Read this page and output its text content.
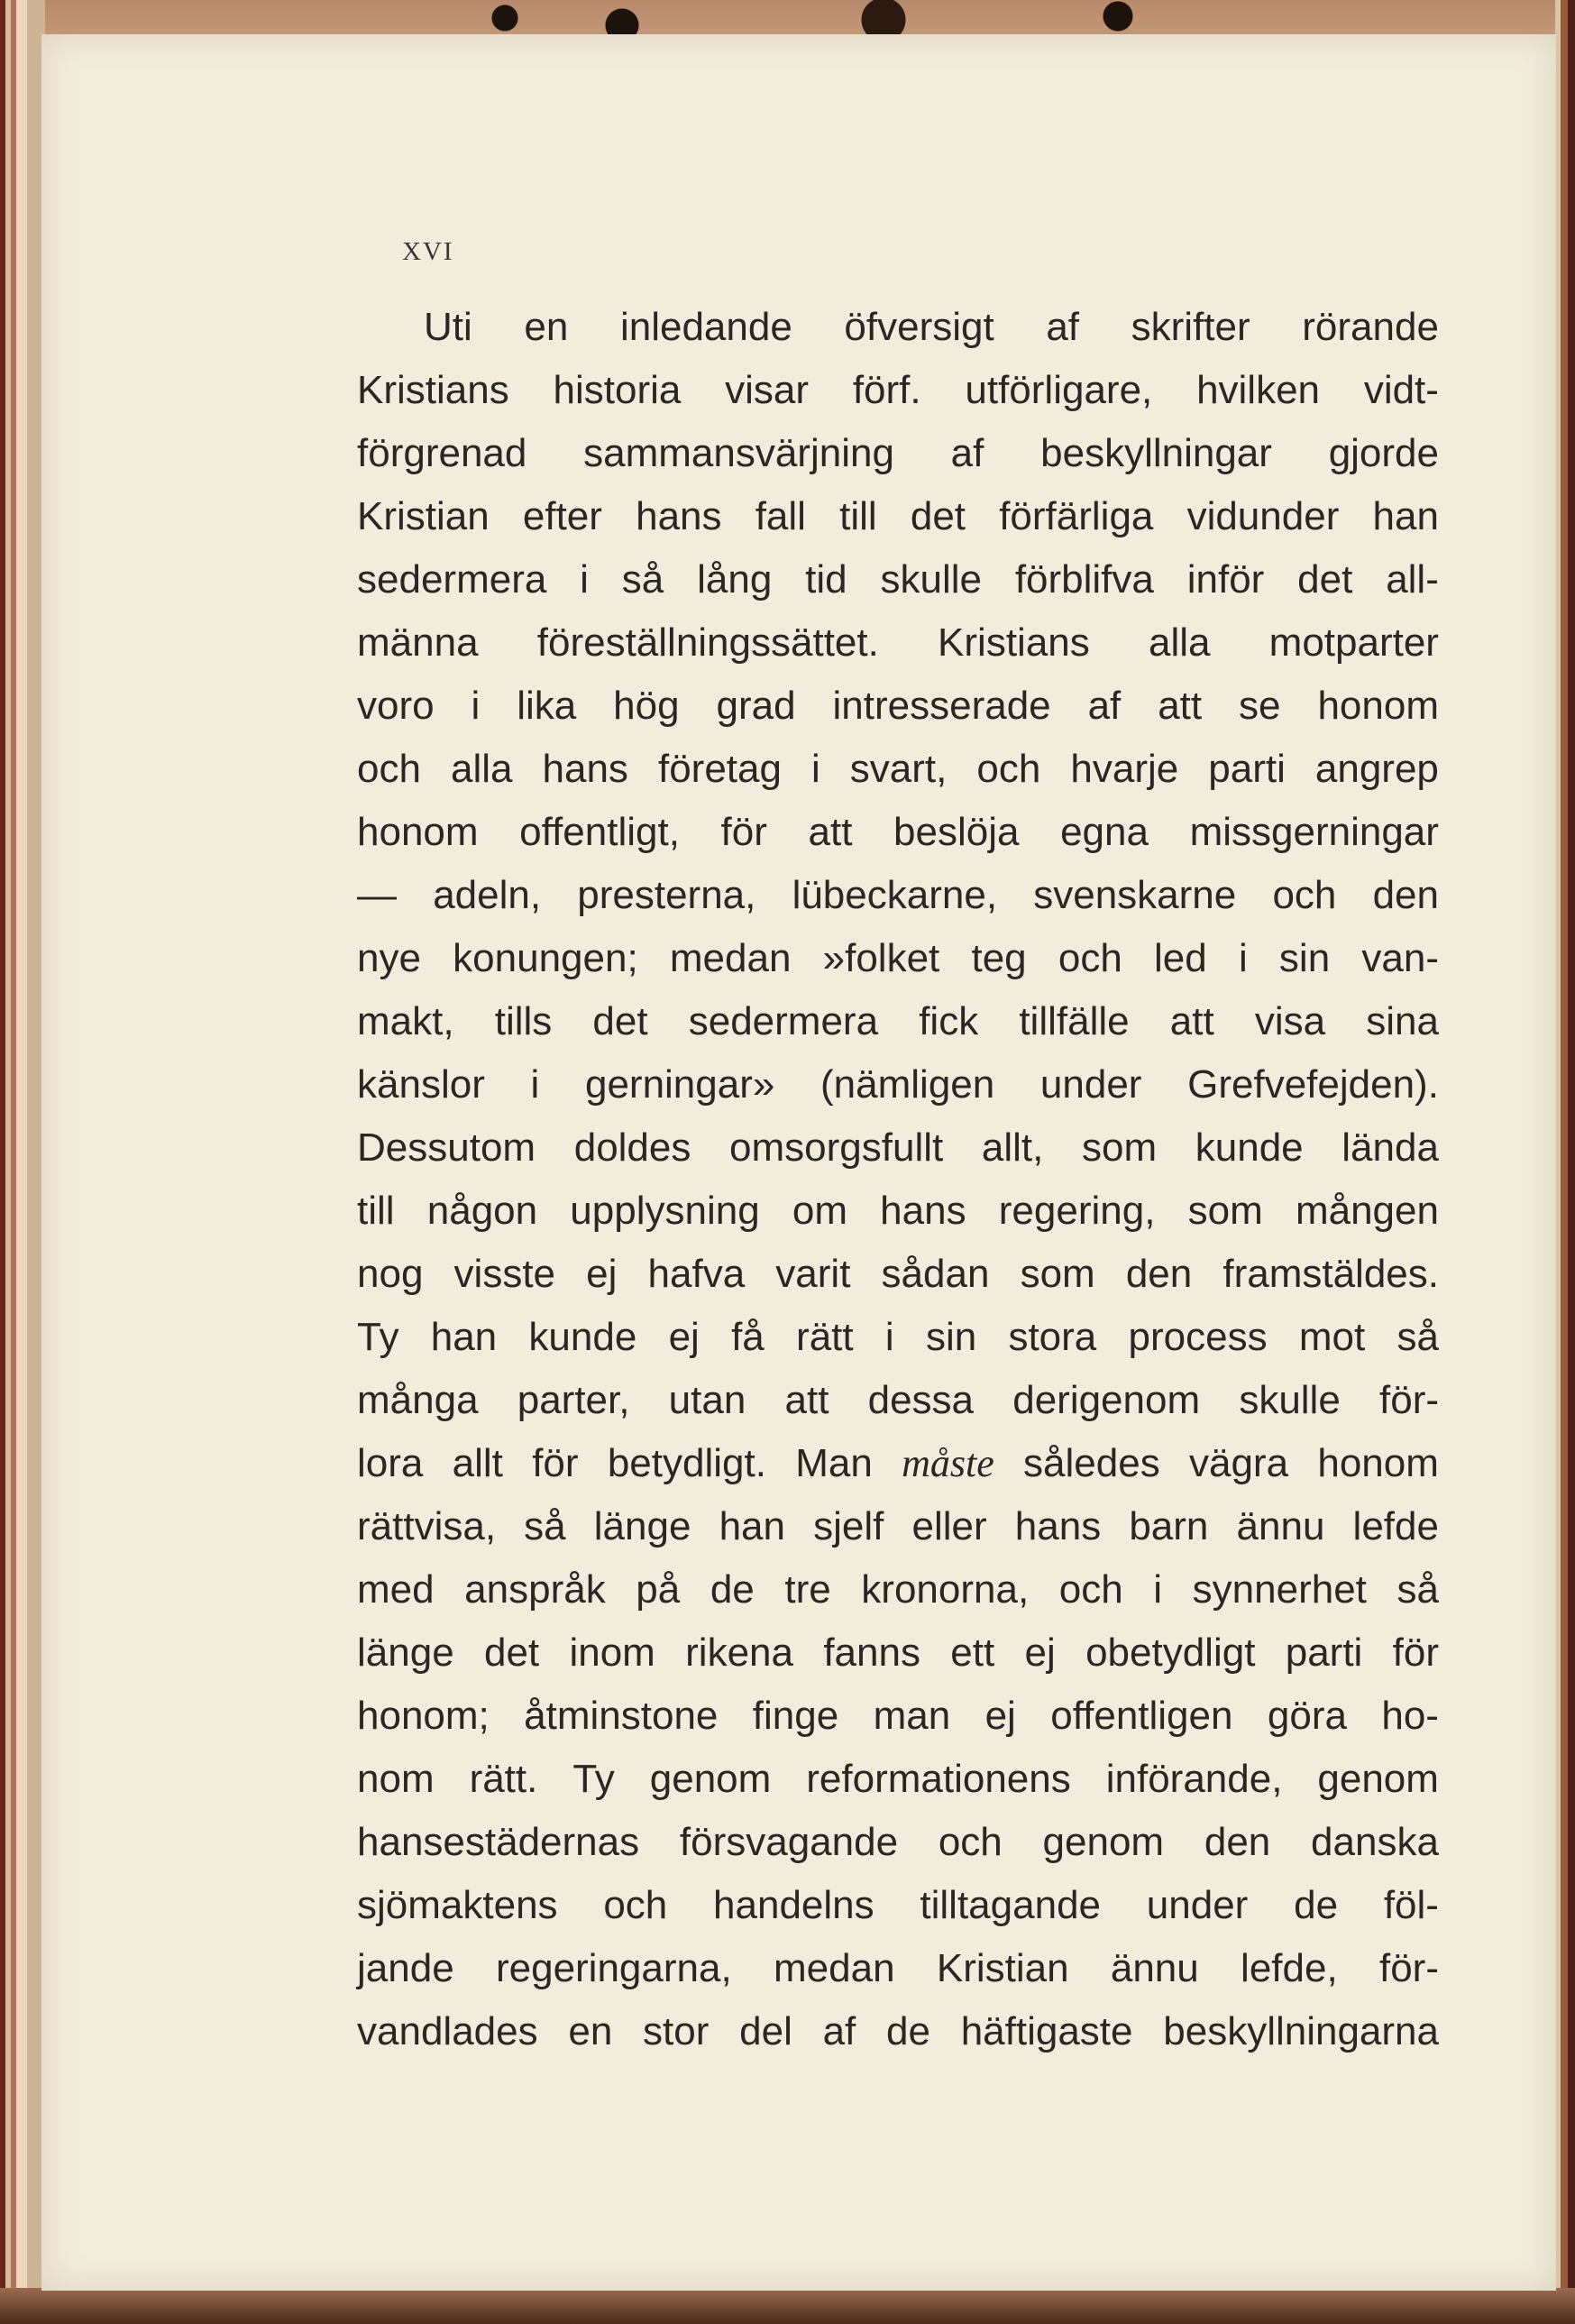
XVI
Uti en inledande öfversigt af skrifter rörande
Kristians historia visar förf. utförligare, hvilken vidt-
förgrenad sammansvärjning af beskyllningar gjorde
Kristian efter hans fall till det förfärliga vidunder han
sedermera i så lång tid skulle förblifva inför det all-
männa föreställningssättet. Kristians alla motparter
voro i lika hög grad intresserade af att se honom
och alla hans företag i svart, och hvarje parti angrep
honom offentligt, för att beslöja egna missgerningar
— adeln, presterna, lübeckarne, svenskarne och den
nye konungen; medan »folket teg och led i sin van-
makt, tills det sedermera fick tillfälle att visa sina
känslor i gerningar» (nämligen under Grefvefejden).
Dessutom doldes omsorgsfullt allt, som kunde lända
till någon upplysning om hans regering, som mången
nog visste ej hafva varit sådan som den framstäldes.
Ty han kunde ej få rätt i sin stora process mot så
många parter, utan att dessa derigenom skulle för-
lora allt för betydligt. Man måste således vägra honom
rättvisa, så länge han sjelf eller hans barn ännu lefde
med anspråk på de tre kronorna, och i synnerhet så
länge det inom rikena fanns ett ej obetydligt parti för
honom; åtminstone finge man ej offentligen göra ho-
nom rätt. Ty genom reformationens införande, genom
hansestädernas försvagande och genom den danska
sjömaktens och handelns tilltagande under de föl-
jande regeringarna, medan Kristian ännu lefde, för-
vandlades en stor del af de häftigaste beskyllningarna
